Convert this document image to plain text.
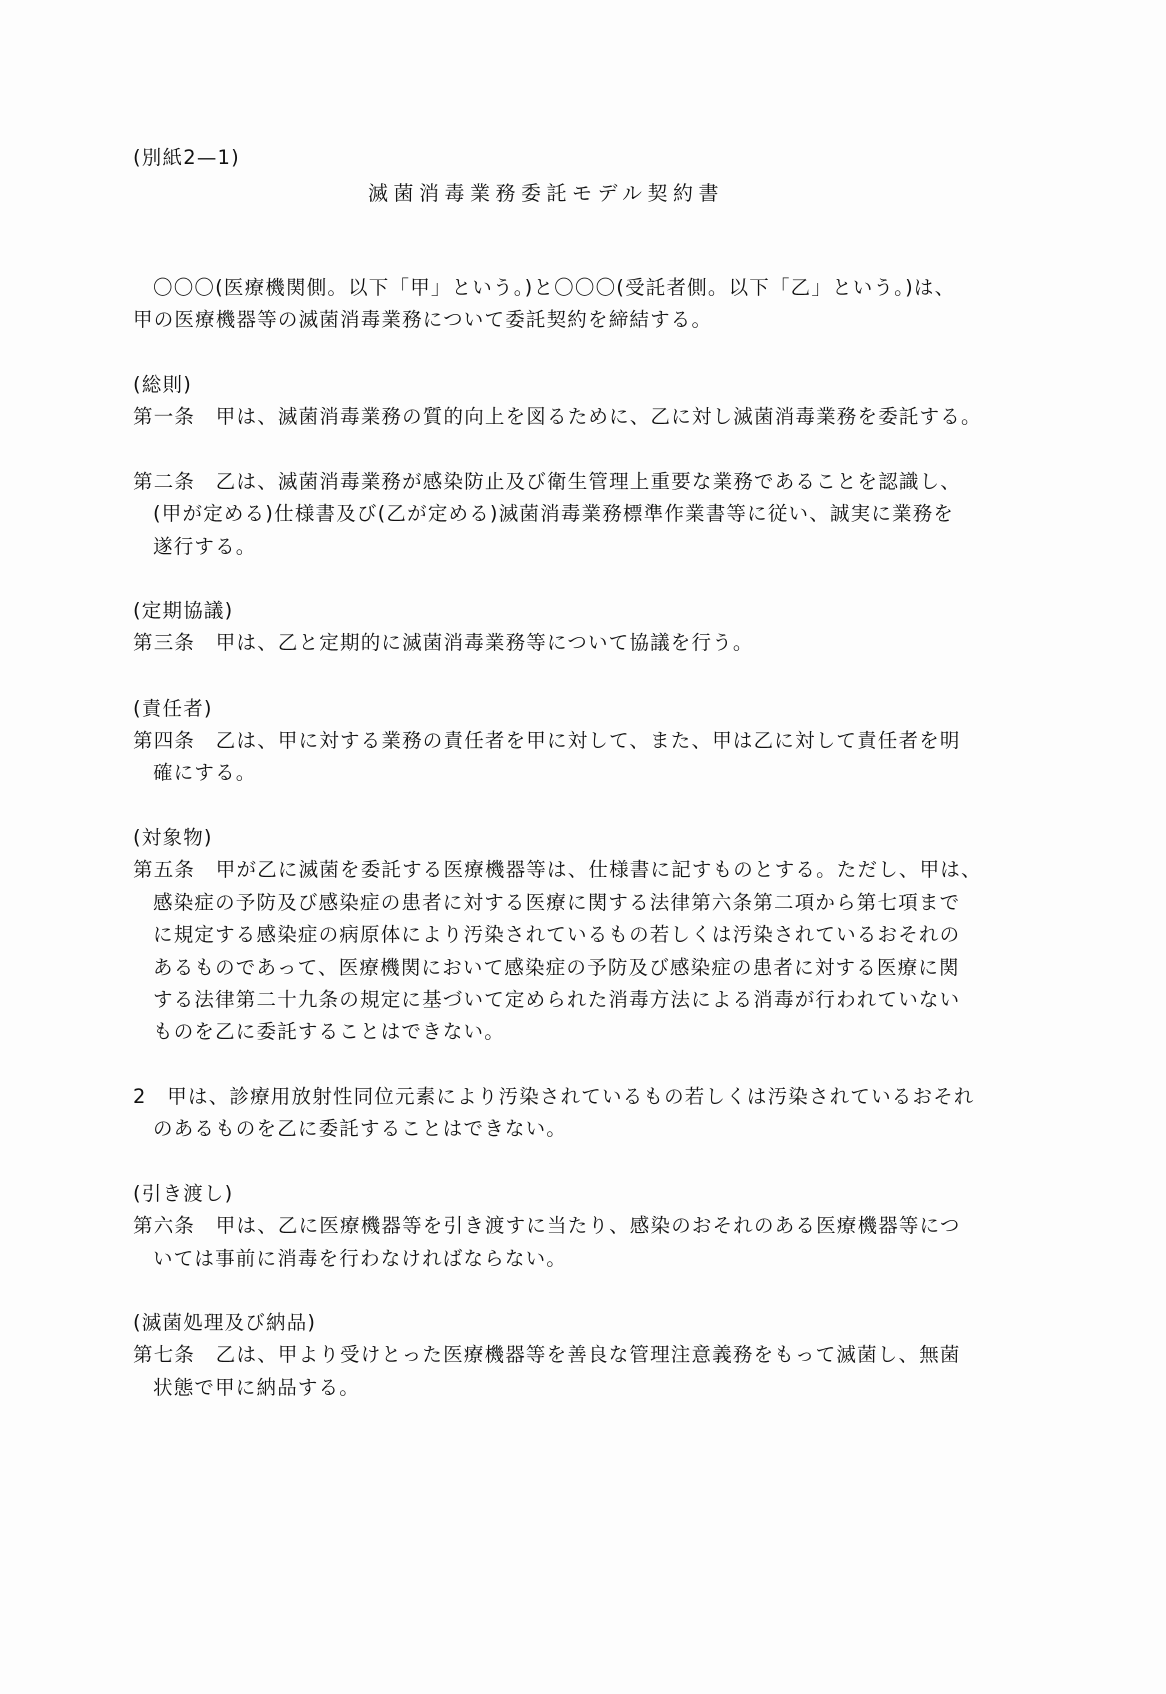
(別紙2—1)
滅菌消毒業務委託モデル契約書
〇〇〇(医療機関側。以下「甲」という。)と〇〇〇(受託者側。以下「乙」という。)は、
甲の医療機器等の滅菌消毒業務について委託契約を締結する。
(総則)
第一条　甲は、滅菌消毒業務の質的向上を図るために、乙に対し滅菌消毒業務を委託する。
第二条　乙は、滅菌消毒業務が感染防止及び衛生管理上重要な業務であることを認識し、
(甲が定める)仕様書及び(乙が定める)滅菌消毒業務標準作業書等に従い、誠実に業務を
遂行する。
(定期協議)
第三条　甲は、乙と定期的に滅菌消毒業務等について協議を行う。
(責任者)
第四条　乙は、甲に対する業務の責任者を甲に対して、また、甲は乙に対して責任者を明
確にする。
(対象物)
第五条　甲が乙に滅菌を委託する医療機器等は、仕様書に記すものとする。ただし、甲は、
感染症の予防及び感染症の患者に対する医療に関する法律第六条第二項から第七項まで
に規定する感染症の病原体により汚染されているもの若しくは汚染されているおそれの
あるものであって、医療機関において感染症の予防及び感染症の患者に対する医療に関
する法律第二十九条の規定に基づいて定められた消毒方法による消毒が行われていない
ものを乙に委託することはできない。
2　甲は、診療用放射性同位元素により汚染されているもの若しくは汚染されているおそれ
のあるものを乙に委託することはできない。
(引き渡し)
第六条　甲は、乙に医療機器等を引き渡すに当たり、感染のおそれのある医療機器等につ
いては事前に消毒を行わなければならない。
(滅菌処理及び納品)
第七条　乙は、甲より受けとった医療機器等を善良な管理注意義務をもって滅菌し、無菌
状態で甲に納品する。
